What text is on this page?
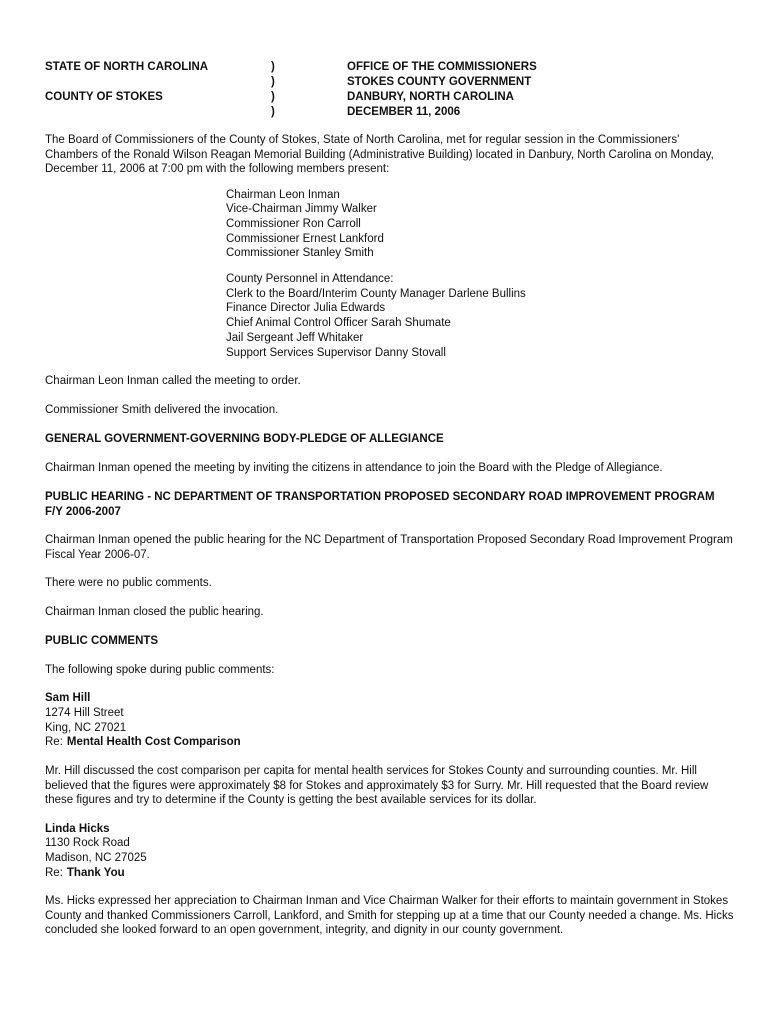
STATE OF NORTH CAROLINA
COUNTY OF STOKES
)
)
)
)
OFFICE OF THE COMMISSIONERS
STOKES COUNTY GOVERNMENT
DANBURY, NORTH CAROLINA
DECEMBER 11, 2006

The Board of Commissioners of the County of Stokes, State of North Carolina, met for regular session in the Commissioners' Chambers of the Ronald Wilson Reagan Memorial Building (Administrative Building) located in Danbury, North Carolina on Monday, December 11, 2006 at 7:00 pm with the following members present:

Chairman Leon Inman
Vice-Chairman Jimmy Walker
Commissioner Ron Carroll
Commissioner Ernest Lankford
Commissioner Stanley Smith
County Personnel in Attendance:
Clerk to the Board/Interim County Manager Darlene Bullins
Finance Director Julia Edwards
Chief Animal Control Officer Sarah Shumate
Jail Sergeant Jeff Whitaker
Support Services Supervisor Danny Stovall

Chairman Leon Inman called the meeting to order.

Commissioner Smith delivered the invocation.

GENERAL GOVERNMENT-GOVERNING BODY-PLEDGE OF ALLEGIANCE

Chairman Inman opened the meeting by inviting the citizens in attendance to join the Board with the Pledge of Allegiance.

PUBLIC HEARING - NC DEPARTMENT OF TRANSPORTATION PROPOSED SECONDARY ROAD IMPROVEMENT PROGRAM F/Y 2006-2007

Chairman Inman opened the public hearing for the NC Department of Transportation Proposed Secondary Road Improvement Program Fiscal Year 2006-07.

There were no public comments.

Chairman Inman closed the public hearing.

PUBLIC COMMENTS

The following spoke during public comments:

Sam Hill
1274 Hill Street
King, NC 27021
Re: Mental Health Cost Comparison

Mr. Hill discussed the cost comparison per capita for mental health services for Stokes County and surrounding counties. Mr. Hill believed that the figures were approximately $8 for Stokes and approximately $3 for Surry. Mr. Hill requested that the Board review these figures and try to determine if the County is getting the best available services for its dollar.

Linda Hicks
1130 Rock Road
Madison, NC 27025
Re: Thank You

Ms. Hicks expressed her appreciation to Chairman Inman and Vice Chairman Walker for their efforts to maintain government in Stokes County and thanked Commissioners Carroll, Lankford, and Smith for stepping up at a time that our County needed a change. Ms. Hicks concluded she looked forward to an open government, integrity, and dignity in our county government.
